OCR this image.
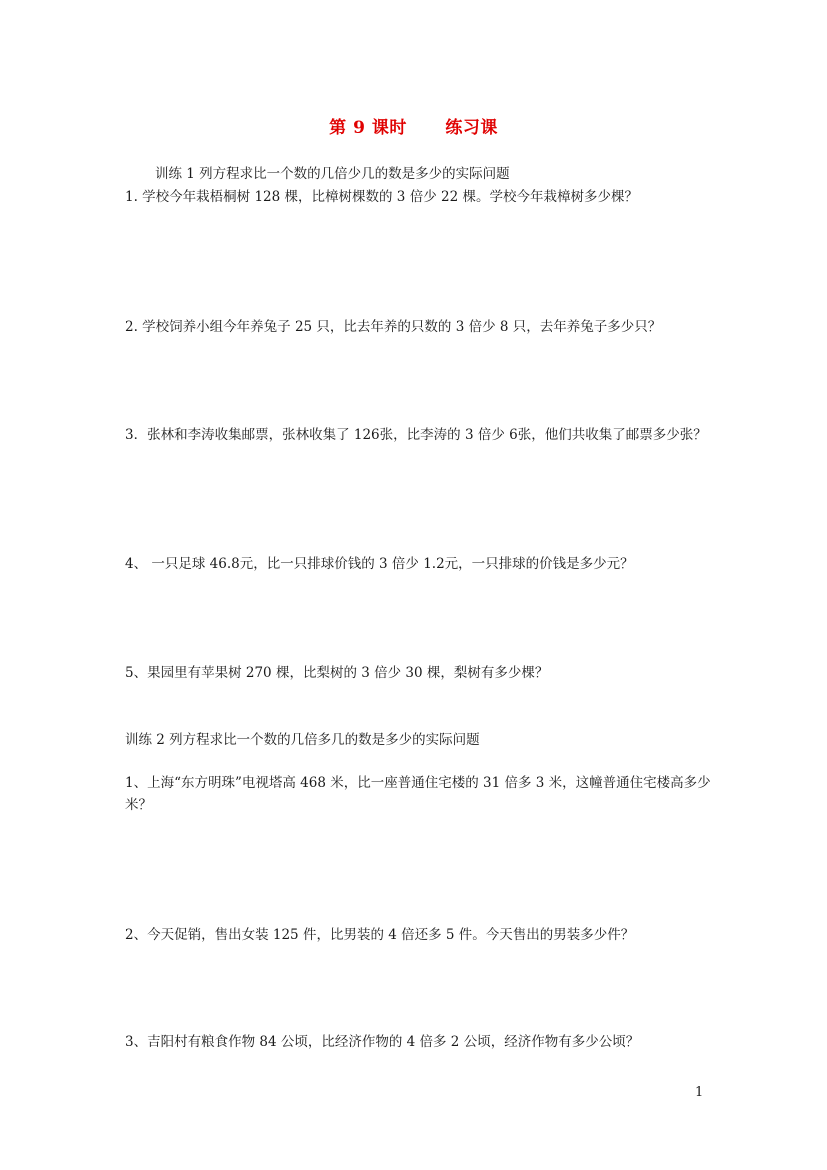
第 9 课时      练习课
训练 1 列方程求比一个数的几倍少几的数是多少的实际问题
1. 学校今年栽梧桐树 128 棵，比樟树棵数的 3 倍少 22 棵。学校今年栽樟树多少棵？
2. 学校饲养小组今年养兔子 25 只，比去年养的只数的 3 倍少 8 只，去年养兔子多少只？
3．张林和李涛收集邮票，张林收集了 126张，比李涛的 3 倍少 6张，他们共收集了邮票多少张？
4、 一只足球 46.8元，比一只排球价钱的 3 倍少 1.2元，一只排球的价钱是多少元？
5、果园里有苹果树 270 棵，比梨树的 3 倍少 30 棵，梨树有多少棵？
训练 2 列方程求比一个数的几倍多几的数是多少的实际问题
1、上海“东方明珠”电视塔高 468 米，比一座普通住宅楼的 31 倍多 3 米，这幢普通住宅楼高多少米？
2、今天促销，售出女装 125 件，比男装的 4 倍还多 5 件。今天售出的男装多少件？
3、吉阳村有粮食作物 84 公顷，比经济作物的 4 倍多 2 公顷，经济作物有多少公顷？
1
